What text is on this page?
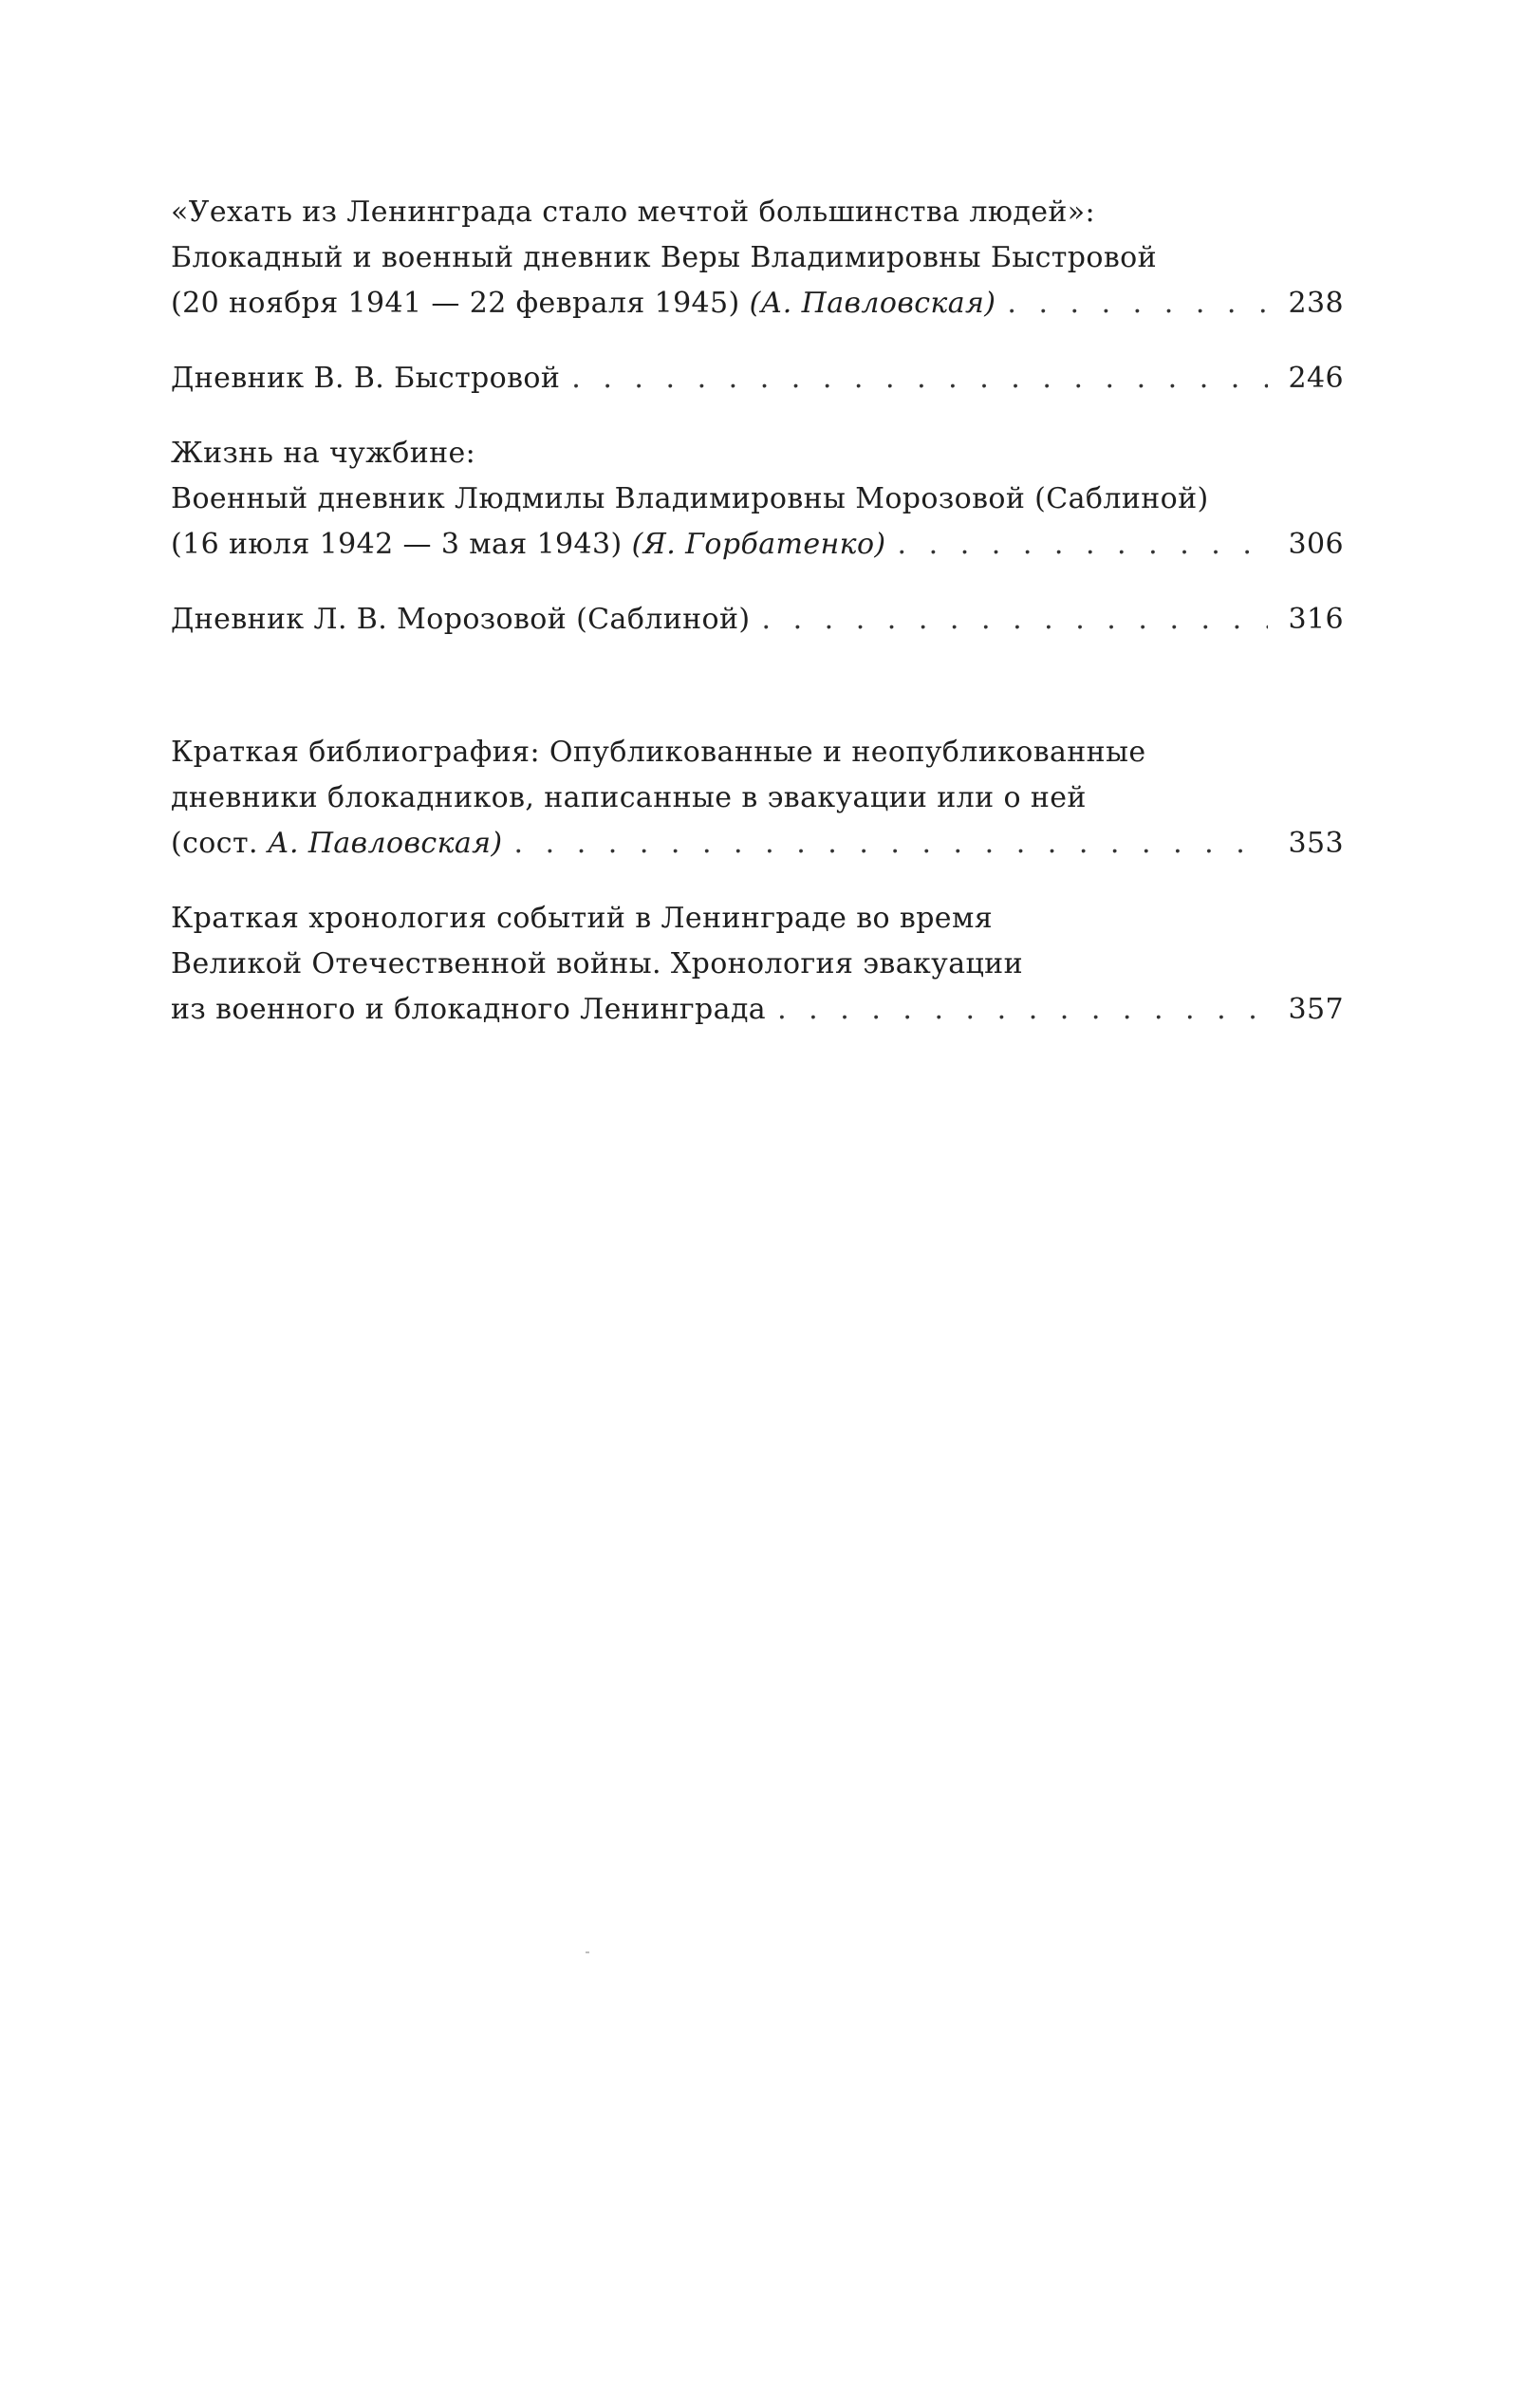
«Уехать из Ленинграда стало мечтой большинства людей»:
Блокадный и военный дневник Веры Владимировны Быстровой
(20 ноября 1941 — 22 февраля 1945) (А. Павловская) . . .	238
Дневник В. В. Быстровой . . .	246
Жизнь на чужбине:
Военный дневник Людмилы Владимировны Морозовой (Саблиной)
(16 июля 1942 — 3 мая 1943) (Я. Горбатенко) . . .	306
Дневник Л. В. Морозовой (Саблиной) . . .	316
Краткая библиография: Опубликованные и неопубликованные
дневники блокадников, написанные в эвакуации или о ней
(сост. А. Павловская) . . .	353
Краткая хронология событий в Ленинграде во время
Великой Отечественной войны. Хронология эвакуации
из военного и блокадного Ленинграда . . .	357
